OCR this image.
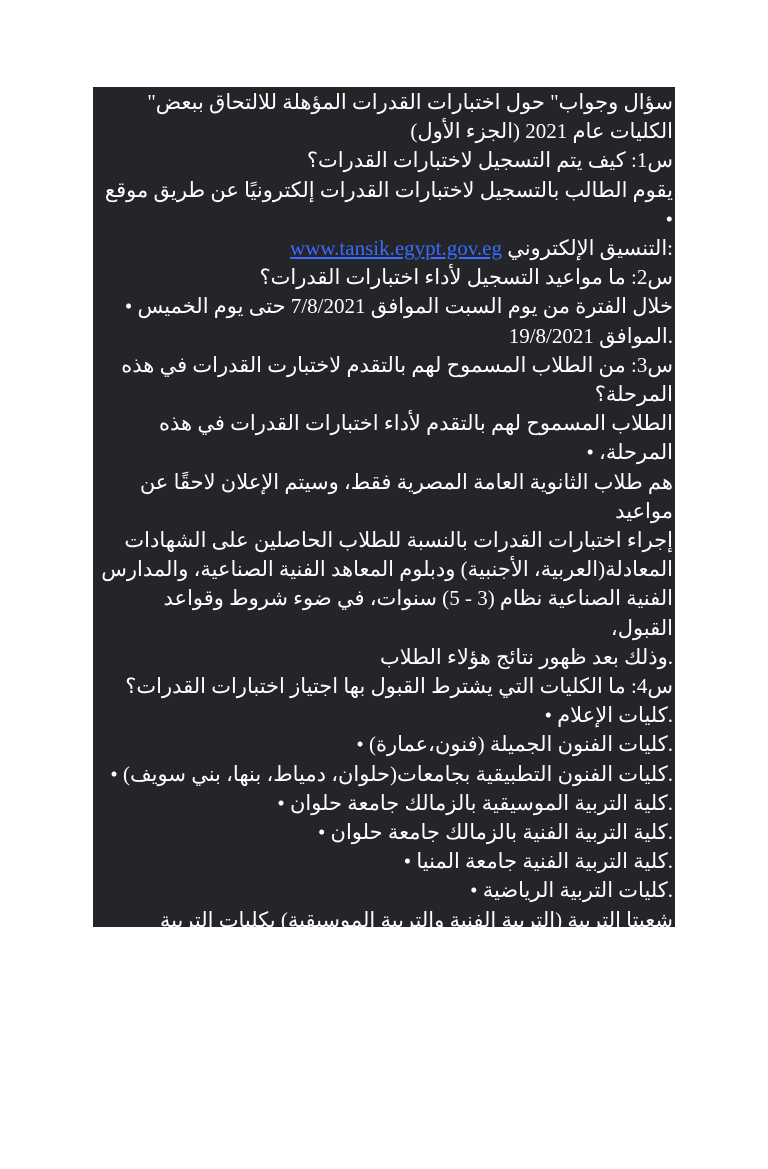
سؤال وجواب" حول اختبارات القدرات المؤهلة للالتحاق ببعض"

الكليات عام 2021 (الجزء الأول)

س1: كيف يتم التسجيل لاختبارات القدرات؟

يقوم الطالب بالتسجيل لاختبارات القدرات إلكترونيًا عن طريق موقع •

:التنسيق الإلكتروني www.tansik.egypt.gov.eg

س2: ما مواعيد التسجيل لأداء اختبارات القدرات؟

خلال الفترة من يوم السبت الموافق 7/8/2021 حتى يوم الخميس •

.الموافق 19/8/2021

س3: من الطلاب المسموح لهم بالتقدم لاختبارت القدرات في هذه

المرحلة؟

الطلاب المسموح لهم بالتقدم لأداء اختبارات القدرات في هذه المرحلة، •

هم طلاب الثانوية العامة المصرية فقط، وسيتم الإعلان لاحقًا عن مواعيد

إجراء اختبارات القدرات بالنسبة للطلاب الحاصلين على الشهادات

المعادلة(العربية، الأجنبية) ودبلوم المعاهد الفنية الصناعية، والمدارس

الفنية الصناعية نظام (3 - 5) سنوات، في ضوء شروط وقواعد القبول،

.وذلك بعد ظهور نتائج هؤلاء الطلاب

س4: ما الكليات التي يشترط القبول بها اجتياز اختبارات القدرات؟

.كليات الإعلام •

.كليات الفنون الجميلة (فنون،عمارة) •

.كليات الفنون التطبيقية بجامعات(حلوان، دمياط، بنها، بني سويف) •

.كلية التربية الموسيقية بالزمالك جامعة حلوان •

.كلية التربية الفنية بالزمالك جامعة حلوان •

.كلية التربية الفنية جامعة المنيا •

.كليات التربية الرياضية •

شعبتا التربية (التربية الفنية والتربية الموسيقية) بكليات التربية النوعية، •

وشعبة المسرح التربوي بكلية التربية النوعية جامعة المنصورة وفرعيها

.(ميت غمر، منية النصر)

شعبتا التربية الفنية بكليتي (التربية بالإسماعيلية جامعة قناة السويس •

.وكلية التربية بالسويس جامعة السويس)

.كلية التربية بالإسماعيلية (شعبة التربية الموسيقية) ج قناة السويس •
